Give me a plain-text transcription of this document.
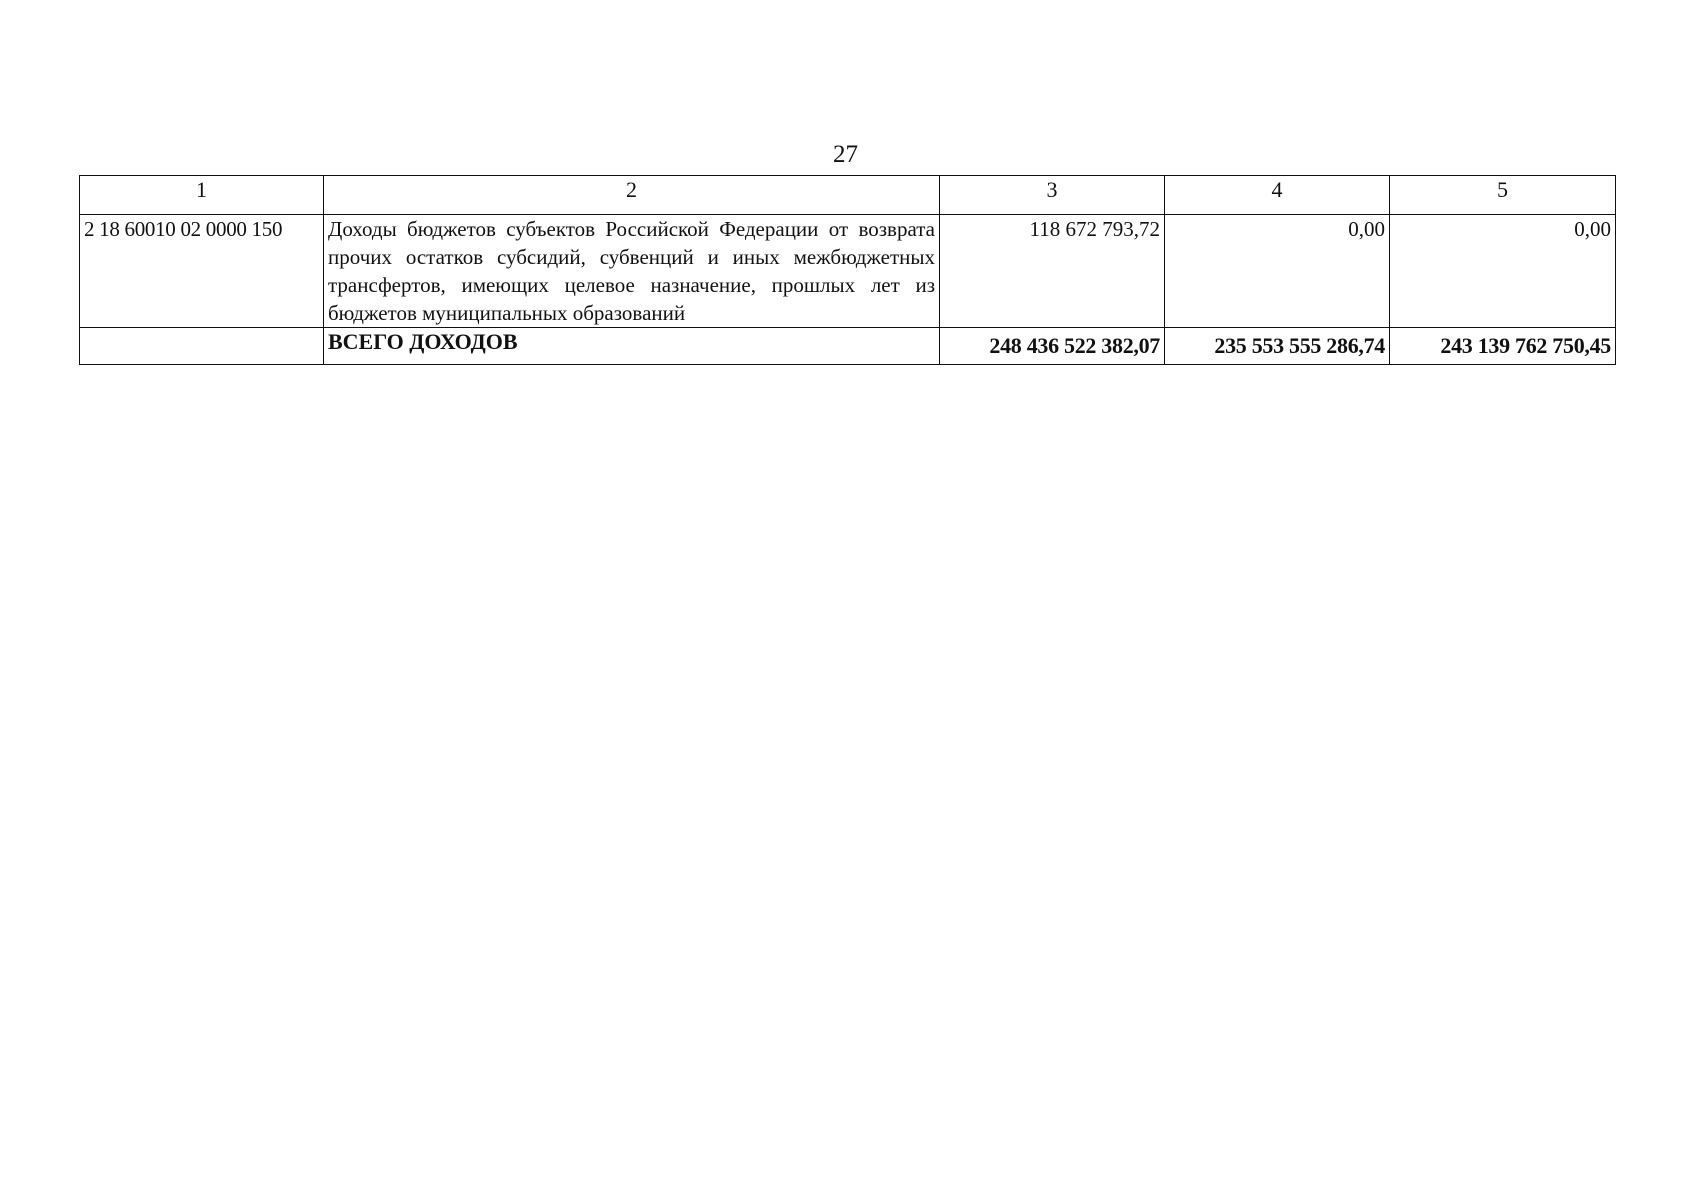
27
1	2	3	4	5
2 18 60010 02 0000 150	Доходы бюджетов субъектов Российской Федерации от возврата прочих остатков субсидий, субвенций и иных межбюджетных трансфертов, имеющих целевое назначение, прошлых лет из бюджетов муниципальных образований	118 672 793,72	0,00	0,00
	ВСЕГО ДОХОДОВ	248 436 522 382,07	235 553 555 286,74	243 139 762 750,45
